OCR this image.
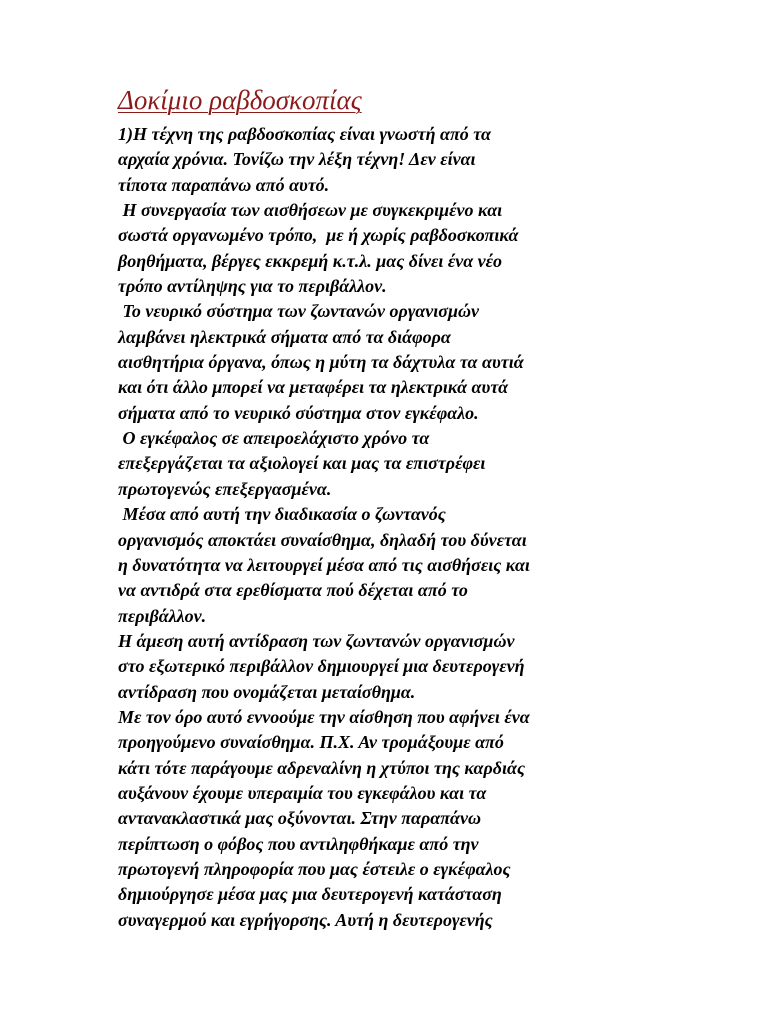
Δοκίμιο ραβδοσκοπίας
1)Η τέχνη της ραβδοσκοπίας είναι γνωστή από τα
αρχαία χρόνια. Τονίζω την λέξη τέχνη! Δεν είναι
τίποτα παραπάνω από αυτό.
Η συνεργασία των αισθήσεων με συγκεκριμένο και
σωστά οργανωμένο τρόπο,  με ή χωρίς ραβδοσκοπικά
βοηθήματα, βέργες εκκρεμή κ.τ.λ. μας δίνει ένα νέο
τρόπο αντίληψης για το περιβάλλον.
Το νευρικό σύστημα των ζωντανών οργανισμών
λαμβάνει ηλεκτρικά σήματα από τα διάφορα
αισθητήρια όργανα, όπως η μύτη τα δάχτυλα τα αυτιά
και ότι άλλο μπορεί να μεταφέρει τα ηλεκτρικά αυτά
σήματα από το νευρικό σύστημα στον εγκέφαλο.
Ο εγκέφαλος σε απειροελάχιστο χρόνο τα
επεξεργάζεται τα αξιολογεί και μας τα επιστρέφει
πρωτογενώς επεξεργασμένα.
Μέσα από αυτή την διαδικασία ο ζωντανός
οργανισμός αποκτάει συναίσθημα, δηλαδή του δύνεται
η δυνατότητα να λειτουργεί μέσα από τις αισθήσεις και
να αντιδρά στα ερεθίσματα πού δέχεται από το
περιβάλλον.
Η άμεση αυτή αντίδραση των ζωντανών οργανισμών
στο εξωτερικό περιβάλλον δημιουργεί μια δευτερογενή
αντίδραση που ονομάζεται μεταίσθημα.
Με τον όρο αυτό εννοούμε την αίσθηση που αφήνει ένα
προηγούμενο συναίσθημα. Π.Χ. Αν τρομάξουμε από
κάτι τότε παράγουμε αδρεναλίνη η χτύποι της καρδιάς
αυξάνουν έχουμε υπεραιμία του εγκεφάλου και τα
αντανακλαστικά μας οξύνονται. Στην παραπάνω
περίπτωση ο φόβος που αντιληφθήκαμε από την
πρωτογενή πληροφορία που μας έστειλε ο εγκέφαλος
δημιούργησε μέσα μας μια δευτερογενή κατάσταση
συναγερμού και εγρήγορσης. Αυτή η δευτερογενής
